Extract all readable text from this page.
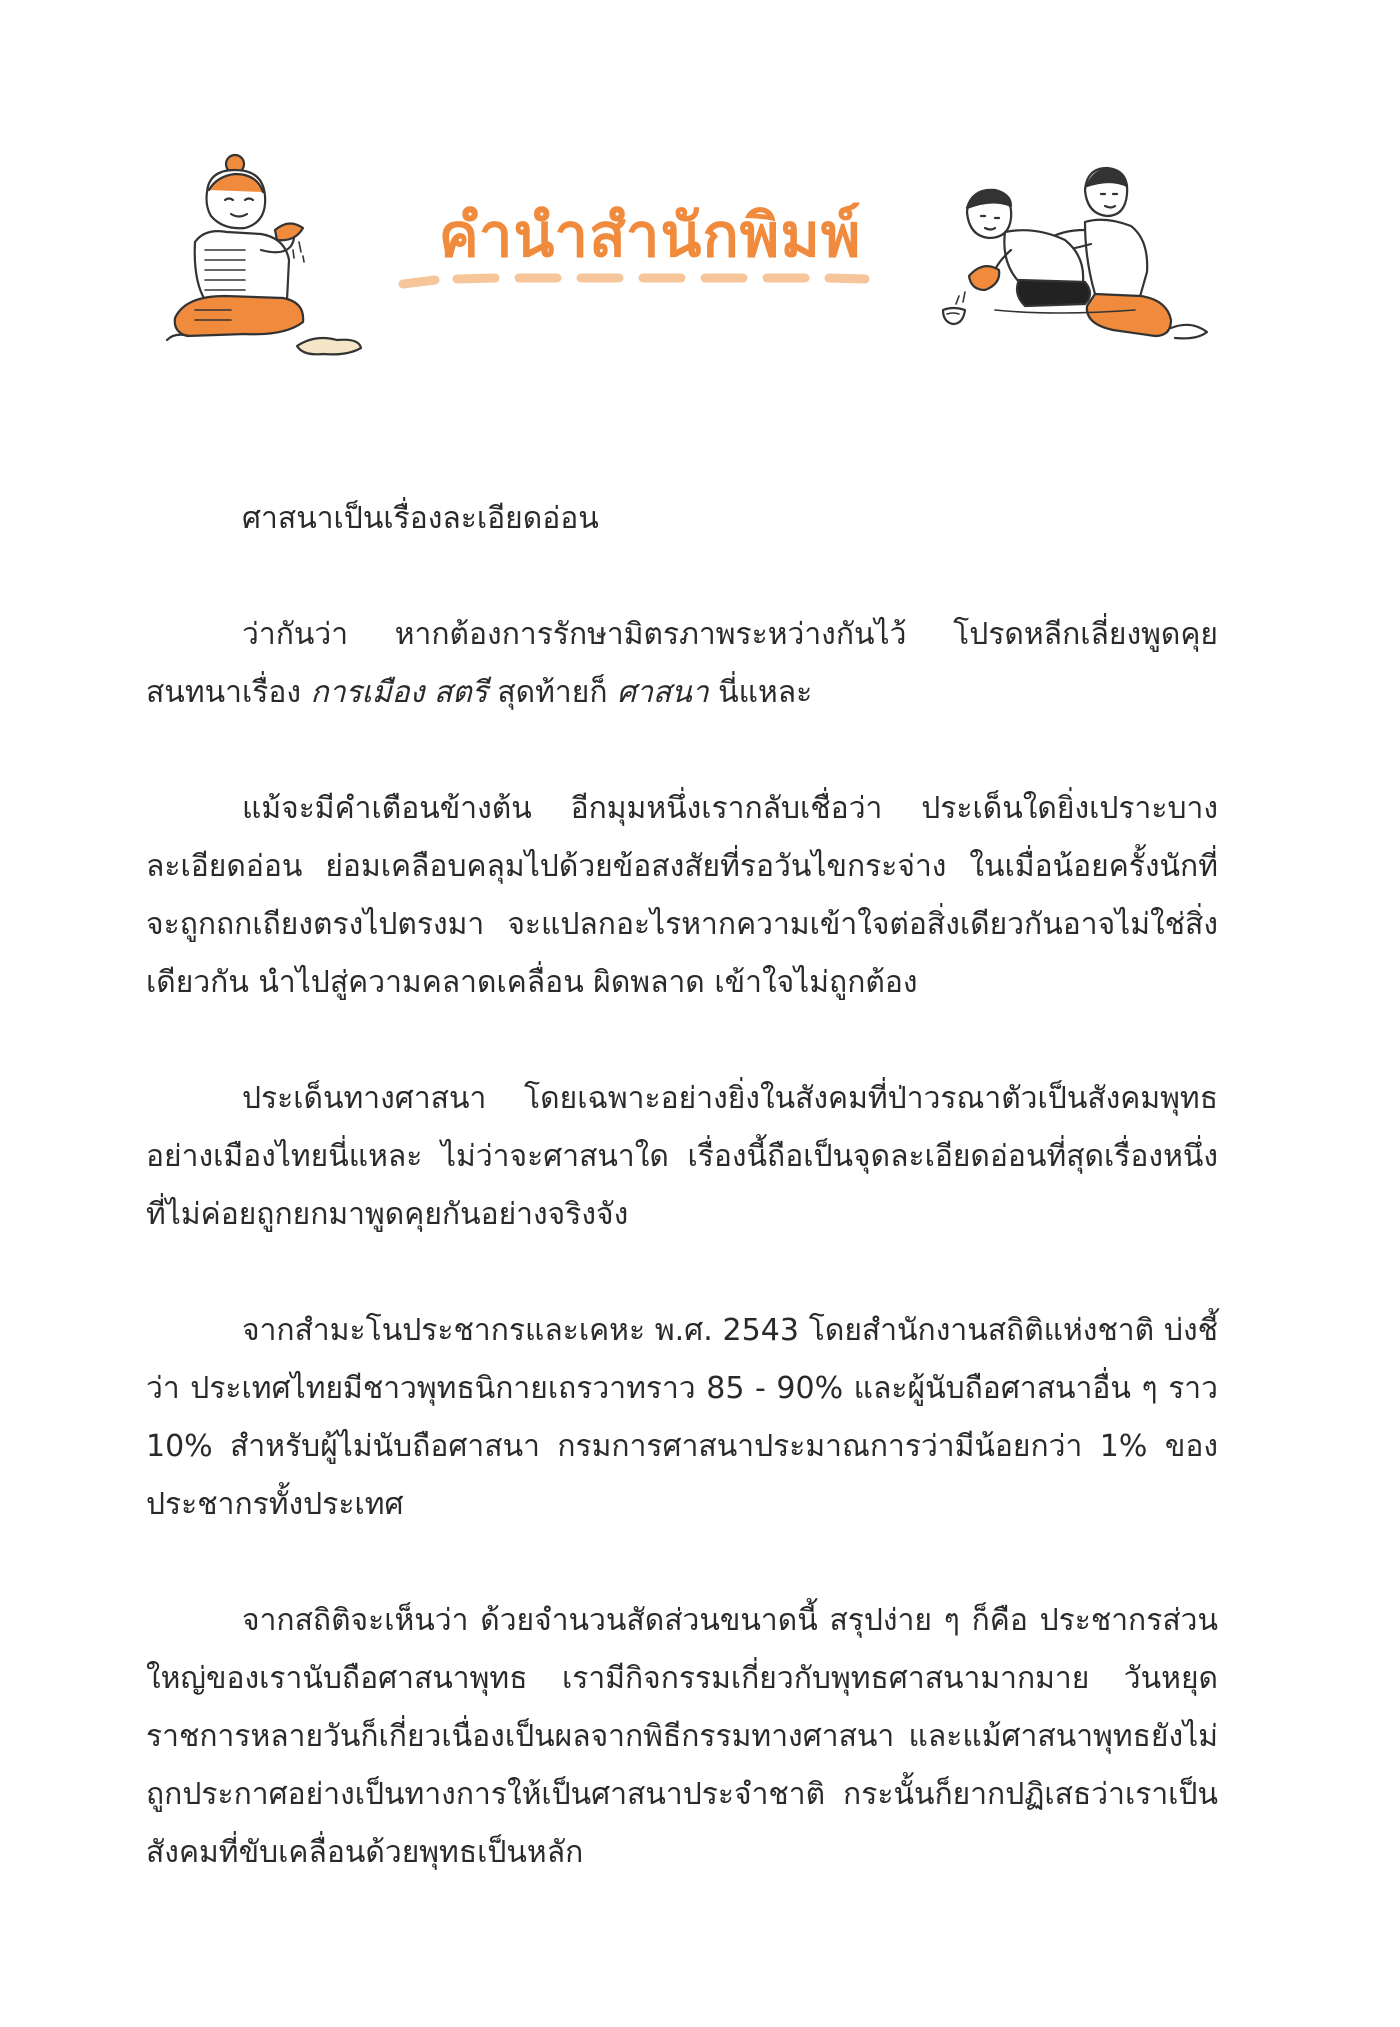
คำนำสำนักพิมพ์

ศาสนาเป็นเรื่องละเอียดอ่อน

ว่ากันว่า หากต้องการรักษามิตรภาพระหว่างกันไว้ โปรดหลีกเลี่ยงพูดคุยสนทนาเรื่อง การเมือง สตรี สุดท้ายก็ ศาสนา นี่แหละ

แม้จะมีคำเตือนข้างต้น อีกมุมหนึ่งเรากลับเชื่อว่า ประเด็นใดยิ่งเปราะบางละเอียดอ่อน ย่อมเคลือบคลุมไปด้วยข้อสงสัยที่รอวันไขกระจ่าง ในเมื่อน้อยครั้งนักที่จะถูกถกเถียงตรงไปตรงมา จะแปลกอะไรหากความเข้าใจต่อสิ่งเดียวกันอาจไม่ใช่สิ่งเดียวกัน นำไปสู่ความคลาดเคลื่อน ผิดพลาด เข้าใจไม่ถูกต้อง

ประเด็นทางศาสนา โดยเฉพาะอย่างยิ่งในสังคมที่ป่าวรณาตัวเป็นสังคมพุทธอย่างเมืองไทยนี่แหละ ไม่ว่าจะศาสนาใด เรื่องนี้ถือเป็นจุดละเอียดอ่อนที่สุดเรื่องหนึ่งที่ไม่ค่อยถูกยกมาพูดคุยกันอย่างจริงจัง

จากสำมะโนประชากรและเคหะ พ.ศ. 2543 โดยสำนักงานสถิติแห่งชาติ บ่งชี้ว่า ประเทศไทยมีชาวพุทธนิกายเถรวาทราว 85 - 90% และผู้นับถือศาสนาอื่น ๆ ราว 10% สำหรับผู้ไม่นับถือศาสนา กรมการศาสนาประมาณการว่ามีน้อยกว่า 1% ของประชากรทั้งประเทศ

จากสถิติจะเห็นว่า ด้วยจำนวนสัดส่วนขนาดนี้ สรุปง่าย ๆ ก็คือ ประชากรส่วนใหญ่ของเรานับถือศาสนาพุทธ เรามีกิจกรรมเกี่ยวกับพุทธศาสนามากมาย วันหยุดราชการหลายวันก็เกี่ยวเนื่องเป็นผลจากพิธีกรรมทางศาสนา และแม้ศาสนาพุทธยังไม่ถูกประกาศอย่างเป็นทางการให้เป็นศาสนาประจำชาติ กระนั้นก็ยากปฏิเสธว่าเราเป็นสังคมที่ขับเคลื่อนด้วยพุทธเป็นหลัก
